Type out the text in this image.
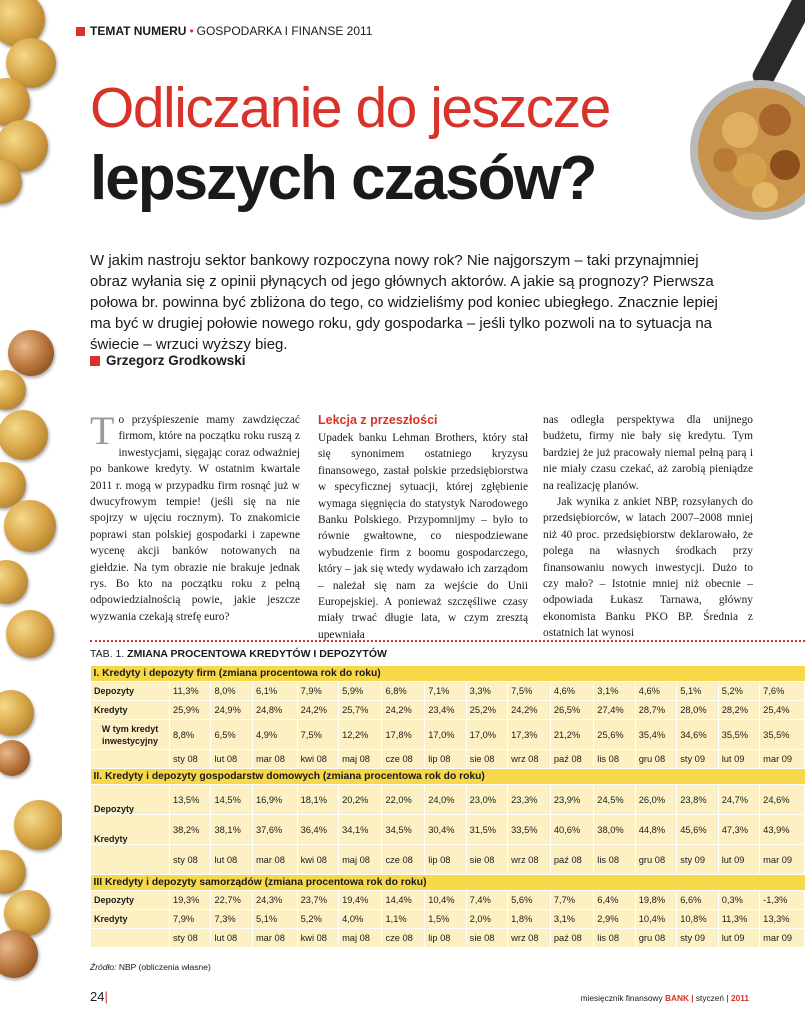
TEMAT NUMERU • GOSPODARKA I FINANSE 2011
Odliczanie do jeszcze
lepszych czasów?
W jakim nastroju sektor bankowy rozpoczyna nowy rok? Nie najgorszym – taki przynajmniej obraz wyłania się z opinii płynących od jego głównych aktorów. A jakie są prognozy? Pierwsza połowa br. powinna być zbliżona do tego, co widzieliśmy pod koniec ubiegłego. Znacznie lepiej ma być w drugiej połowie nowego roku, gdy gospodarka – jeśli tylko pozwoli na to sytuacja na świecie – wrzuci wyższy bieg.
Grzegorz Grodkowski

To przyśpieszenie mamy zawdzięczać firmom, które na początku roku ruszą z inwestycjami, sięgając coraz odważniej po bankowe kredyty. W ostatnim kwartale 2011 r. mogą w przypadku firm rosnąć już w dwucyfrowym tempie! (jeśli się na nie spojrzy w ujęciu rocznym). To znakomicie poprawi stan polskiej gospodarki i zapewne wycenę akcji banków notowanych na giełdzie. Na tym obrazie nie brakuje jednak rys. Bo kto na początku roku z pełną odpowiedzialnością powie, jakie jeszcze wyzwania czekają strefę euro?

Lekcja z przeszłości

Upadek banku Lehman Brothers, który stał się synonimem ostatniego kryzysu finansowego, zastał polskie przedsiębiorstwa w specyficznej sytuacji, której zgłębienie wymaga sięgnięcia do statystyk Narodowego Banku Polskiego. Przypomnijmy – było to równie gwałtowne, co niespodziewane wybudzenie firm z boomu gospodarczego, który – jak się wtedy wydawało ich zarządom – należał się nam za wejście do Unii Europejskiej. A ponieważ szczęśliwe czasy miały trwać długie lata, w czym zresztą upewniała

nas odległa perspektywa dla unijnego budżetu, firmy nie bały się kredytu. Tym bardziej że już pracowały niemal pełną parą i nie miały czasu czekać, aż zarobią pieniądze na realizację planów.

Jak wynika z ankiet NBP, rozsyłanych do przedsiębiorców, w latach 2007–2008 mniej niż 40 proc. przedsiębiorstw deklarowało, że polega na własnych środkach przy finansowaniu nowych inwestycji. Dużo to czy mało? – Istotnie mniej niż obecnie – odpowiada Łukasz Tarnawa, główny ekonomista Banku PKO BP. Średnia z ostatnich lat wynosi

TAB. 1. ZMIANA PROCENTOWA KREDYTÓW I DEPOZYTÓW
I. Kredyty i depozyty firm (zmiana procentowa rok do roku)															
Depozyty	11,3%	8,0%	6,1%	7,9%	5,9%	6,8%	7,1%	3,3%	7,5%	4,6%	3,1%	4,6%	5,1%	5,2%	7,6%
Kredyty	25,9%	24,9%	24,8%	24,2%	25,7%	24,2%	23,4%	25,2%	24,2%	26,5%	27,4%	28,7%	28,0%	28,2%	25,4%
W tym kredyt inwestycyjny	8,8%	6,5%	4,9%	7,5%	12,2%	17,8%	17,0%	17,0%	17,3%	21,2%	25,6%	35,4%	34,6%	35,5%	35,5%
	sty 08	lut 08	mar 08	kwi 08	maj 08	cze 08	lip 08	sie 08	wrz 08	paź 08	lis 08	gru 08	sty 09	lut 09	mar 09
II. Kredyty i depozyty gospodarstw domowych (zmiana procentowa rok do roku)															
Depozyty	13,5%	14,5%	16,9%	18,1%	20,2%	22,0%	24,0%	23,0%	23,3%	23,9%	24,5%	26,0%	23,8%	24,7%	24,6%
Kredyty	38,2%	38,1%	37,6%	36,4%	34,1%	34,5%	30,4%	31,5%	33,5%	40,6%	38,0%	44,8%	45,6%	47,3%	43,9%
	sty 08	lut 08	mar 08	kwi 08	maj 08	cze 08	lip 08	sie 08	wrz 08	paź 08	lis 08	gru 08	sty 09	lut 09	mar 09
III Kredyty i depozyty samorządów (zmiana procentowa rok do roku)															
Depozyty	19,3%	22,7%	24,3%	23,7%	19,4%	14,4%	10,4%	7,4%	5,6%	7,7%	6,4%	19,8%	6,6%	0,3%	-1,3%
Kredyty	7,9%	7,3%	5,1%	5,2%	4,0%	1,1%	1,5%	2,0%	1,8%	3,1%	2,9%	10,4%	10,8%	11,3%	13,3%
	sty 08	lut 08	mar 08	kwi 08	maj 08	cze 08	lip 08	sie 08	wrz 08	paź 08	lis 08	gru 08	sty 09	lut 09	mar 09
Źródło: NBP (obliczenia własne)
24|	miesięcznik finansowy BANK | styczeń | 2011
